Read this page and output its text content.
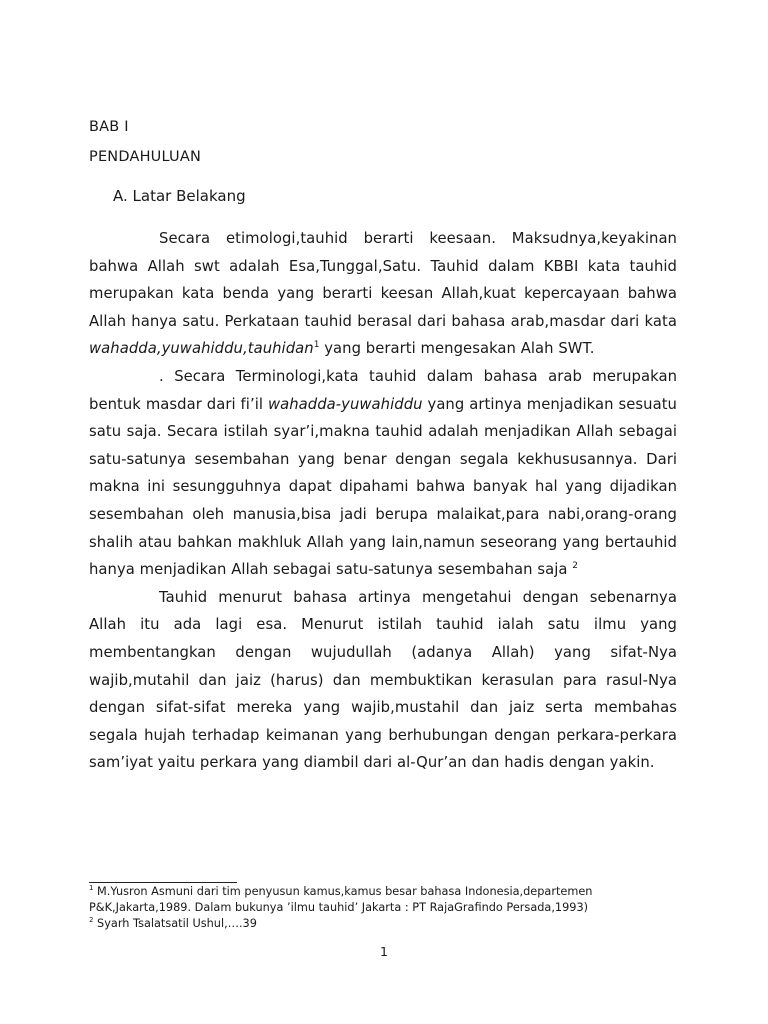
BAB I
PENDAHULUAN
A. Latar Belakang

Secara etimologi,tauhid berarti keesaan. Maksudnya,keyakinan bahwa Allah swt adalah Esa,Tunggal,Satu. Tauhid dalam KBBI kata tauhid merupakan kata benda yang berarti keesan Allah,kuat kepercayaan bahwa Allah hanya satu. Perkataan tauhid berasal dari bahasa arab,masdar dari kata wahadda,yuwahiddu,tauhidan$^1$ yang berarti mengesakan Alah SWT.

. Secara Terminologi,kata tauhid dalam bahasa arab merupakan bentuk masdar dari fi’il wahadda-yuwahiddu yang artinya menjadikan sesuatu satu saja. Secara istilah syar’i,makna tauhid adalah menjadikan Allah sebagai satu-satunya sesembahan yang benar dengan segala kekhususannya. Dari makna ini sesungguhnya dapat dipahami bahwa banyak hal yang dijadikan sesembahan oleh manusia,bisa jadi berupa malaikat,para nabi,orang-orang shalih atau bahkan makhluk Allah yang lain,namun seseorang yang bertauhid hanya menjadikan Allah sebagai satu-satunya sesembahan saja $^2$

Tauhid menurut bahasa artinya mengetahui dengan sebenarnya Allah itu ada lagi esa. Menurut istilah tauhid ialah satu ilmu yang membentangkan dengan wujudullah (adanya Allah) yang sifat-Nya wajib,mutahil dan jaiz (harus) dan membuktikan kerasulan para rasul-Nya dengan sifat-sifat mereka yang wajib,mustahil dan jaiz serta membahas segala hujah terhadap keimanan yang berhubungan dengan perkara-perkara sam’iyat yaitu perkara yang diambil dari al-Qur’an dan hadis dengan yakin.

$^1$ M.Yusron Asmuni dari tim penyusun kamus,kamus besar bahasa Indonesia,departemen P&K,Jakarta,1989. Dalam bukunya ’ilmu tauhid’ Jakarta : PT RajaGrafindo Persada,1993)

$^2$ Syarh Tsalatsatil Ushul,….39

1
